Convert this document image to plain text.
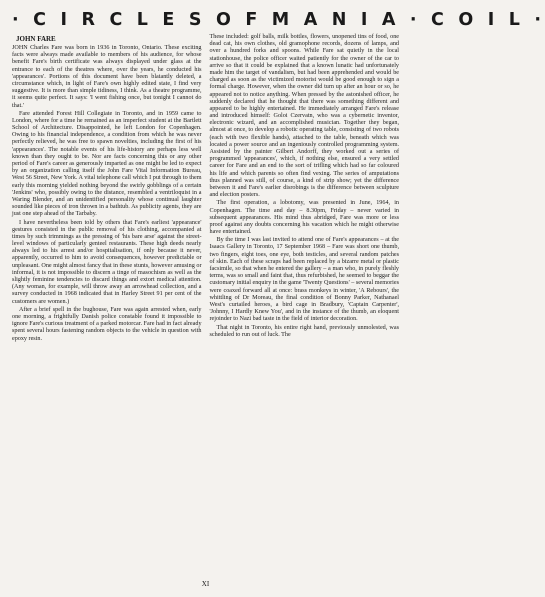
· C I R C L E S O F M A N I A · C O I L ·
JOHN FARE

JOHN Charles Fare was born in 1936 in Toronto, Ontario. These exciting facts were always made available to members of his audience, for whose benefit Fare's birth certificate was always displayed under glass at the entrance to each of the theatres where, over the years, he conducted his 'appearances'. Portions of this document have been blatantly deleted, a circumstance which, in light of Fare's own highly edited state, I find very suggestive. It is more than simple tidiness, I think. As a theatre programme, it seems quite perfect. It says: 'I went fishing once, but tonight I cannot do that.'

Fare attended Forest Hill Collegiate in Toronto, and in 1959 came to London, where for a time he remained as an imperfect student at the Bartlett School of Architecture. Disappointed, he left London for Copenhagen. Owing to his financial independence, a condition from which he was never perfectly relieved, he was free to spawn novelties, including the first of his 'appearances'. The notable events of his life-history are perhaps less well known than they ought to be. Nor are facts concerning this or any other period of Fare's career as generously imparted as one might be led to expect by an organization calling itself the John Fare Vital Information Bureau, West 56 Street, New York. A vital telephone call which I put through to them early this morning yielded nothing beyond the swirly gobblings of a certain 'Jenkins' who, possibly owing to the distance, resembled a ventriloquist in a Waring Blender, and an unidentified personality whose continual laughter sounded like pieces of iron thrown in a bathtub. As publicity agents, they are just one step ahead of the Tarbaby.

I have nevertheless been told by others that Fare's earliest 'appearance' gestures consisted in the public removal of his clothing, accompanied at times by such trimmings as the pressing of 'his bare arse' against the street-level windows of particularly genteel restaurants. These high deeds nearly always led to his arrest and/or hospitalisation, if only because it never, apparently, occurred to him to avoid consequences, however predictable or unpleasant. One might almost fancy that in these stunts, however amusing or informal, it is not impossible to discern a tinge of masochism as well as the slightly feminine tendencies to discard things and extort medical attention. (Any woman, for example, will throw away an arrowhead collection, and a survey conducted in 1968 indicated that in Harley Street 91 per cent of the customers are women.)

After a brief spell in the bughouse, Fare was again arrested when, early one morning, a frightfully Danish police constable found it impossible to ignore Fare's curious treatment of a parked motorcar. Fare had in fact already spent several hours fastening random objects to the vehicle in question with epoxy resin.

These included: golf balls, milk bottles, flowers, unopened tins of food, one dead cat, his own clothes, old gramophone records, dozens of lamps, and over a hundred forks and spoons. While Fare sat quietly in the local stationhouse, the police officer waited patiently for the owner of the car to arrive so that it could be explained that a known lunatic had unfortunately made him the target of vandalism, but had been apprehended and would be charged as soon as the victimized motorist would be good enough to sign a formal charge. However, when the owner did turn up after an hour or so, he appeared not to notice anything. When pressed by the astonished officer, he suddenly declared that he thought that there was something different and appeared to be highly entertained. He immediately arranged Fare's release and introduced himself: Goloi Czervatn, who was a cybernetic inventor, electronic wizard, and an accomplished musician. Together they began, almost at once, to develop a robotic operating table, consisting of two robots (each with two flexible hands), attached to the table, beneath which was located a power source and an ingeniously controlled programming system. Assisted by the painter Gilbert Andorff, they worked out a series of programmed 'appearances', which, if nothing else, ensured a very settled career for Fare and an end to the sort of trifling which had so far coloured his life and which parents so often find vexing. The series of amputations thus planned was still, of course, a kind of strip show; yet the difference between it and Fare's earlier disrobings is the difference between sculpture and election posters.

The first operation, a lobotomy, was presented in June, 1964, in Copenhagen. The time and day – 8.30pm, Friday – never varied in subsequent appearances. His mind thus abridged, Fare was more or less proof against any doubts concerning his vacation which he might otherwise have entertained.

By the time I was last invited to attend one of Fare's appearances – at the Isaacs Gallery in Toronto, 17 September 1968 – Fare was short one thumb, two fingers, eight toes, one eye, both testicles, and several random patches of skin. Each of these scraps had been replaced by a bizarre metal or plastic facsimile, so that when he entered the gallery – a man who, in purely fleshly terms, was so small and faint that, thus refurbished, he seemed to beggar the customary initial enquiry in the game 'Twenty Questions' – several memories were coaxed forward all at once: brass monkeys in winter, 'A Rebours', the whittling of Dr Moreau, the final condition of Bonny Parker, Nathanael West's curtailed heroes, a bird cage in Bradbury, 'Captain Carpenter', 'Johnny, I Hardly Knew You', and in the instance of the thumb, an eloquent rejoinder to Nazi bad taste in the field of interior decoration.

That night in Toronto, his entire right hand, previously unmolested, was scheduled to run out of luck. The

XI
